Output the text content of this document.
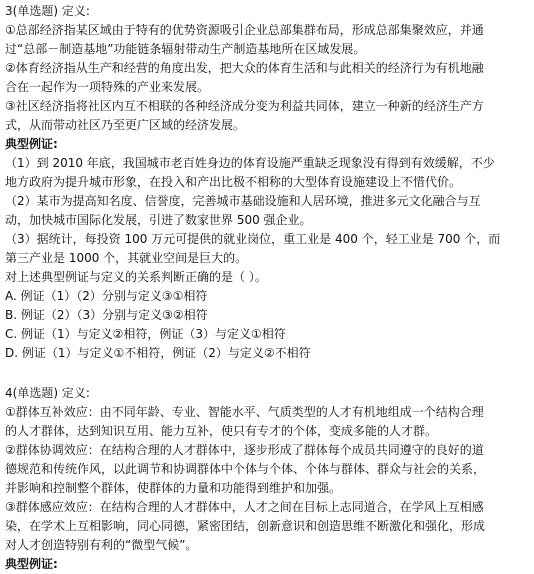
3(单选题) 定义:
①总部经济指某区域由于特有的优势资源吸引企业总部集群布局，形成总部集聚效应，并通
过“总部－制造基地”功能链条辐射带动生产制造基地所在区域发展。
②体育经济指从生产和经营的角度出发，把大众的体育生活和与此相关的经济行为有机地融
合在一起作为一项特殊的产业来发展。
③社区经济指将社区内互不相联的各种经济成分变为利益共同体，建立一种新的经济生产方
式，从而带动社区乃至更广区域的经济发展。
典型例证:
（1）到 2010 年底，我国城市老百姓身边的体育设施严重缺乏现象没有得到有效缓解，不少
地方政府为提升城市形象，在投入和产出比极不相称的大型体育设施建设上不惜代价。
（2）某市为提高知名度、信誉度，完善城市基础设施和人居环境，推进多元文化融合与互
动，加快城市国际化发展，引进了数家世界 500 强企业。
（3）据统计，每投资 100 万元可提供的就业岗位，重工业是 400 个，轻工业是 700 个，而
第三产业是 1000 个，其就业空间是巨大的。
对上述典型例证与定义的关系判断正确的是（ ）。
A. 例证（1）（2）分别与定义③①相符
B. 例证（2）（3）分别与定义③②相符
C. 例证（1）与定义②相符，例证（3）与定义①相符
D. 例证（1）与定义①不相符，例证（2）与定义②不相符
4(单选题) 定义:
①群体互补效应：由不同年龄、专业、智能水平、气质类型的人才有机地组成一个结构合理
的人才群体，达到知识互用、能力互补，使只有专才的个体，变成多能的人才群。
②群体协调效应：在结构合理的人才群体中，逐步形成了群体每个成员共同遵守的良好的道
德规范和传统作风，以此调节和协调群体中个体与个体、个体与群体、群众与社会的关系，
并影响和控制整个群体，使群体的力量和功能得到维护和加强。
③群体感应效应：在结构合理的人才群体中，人才之间在目标上志同道合，在学风上互相感
染，在学术上互相影响，同心同德，紧密团结，创新意识和创造思维不断激化和强化，形成
对人才创造特别有利的“微型气候”。
典型例证:
